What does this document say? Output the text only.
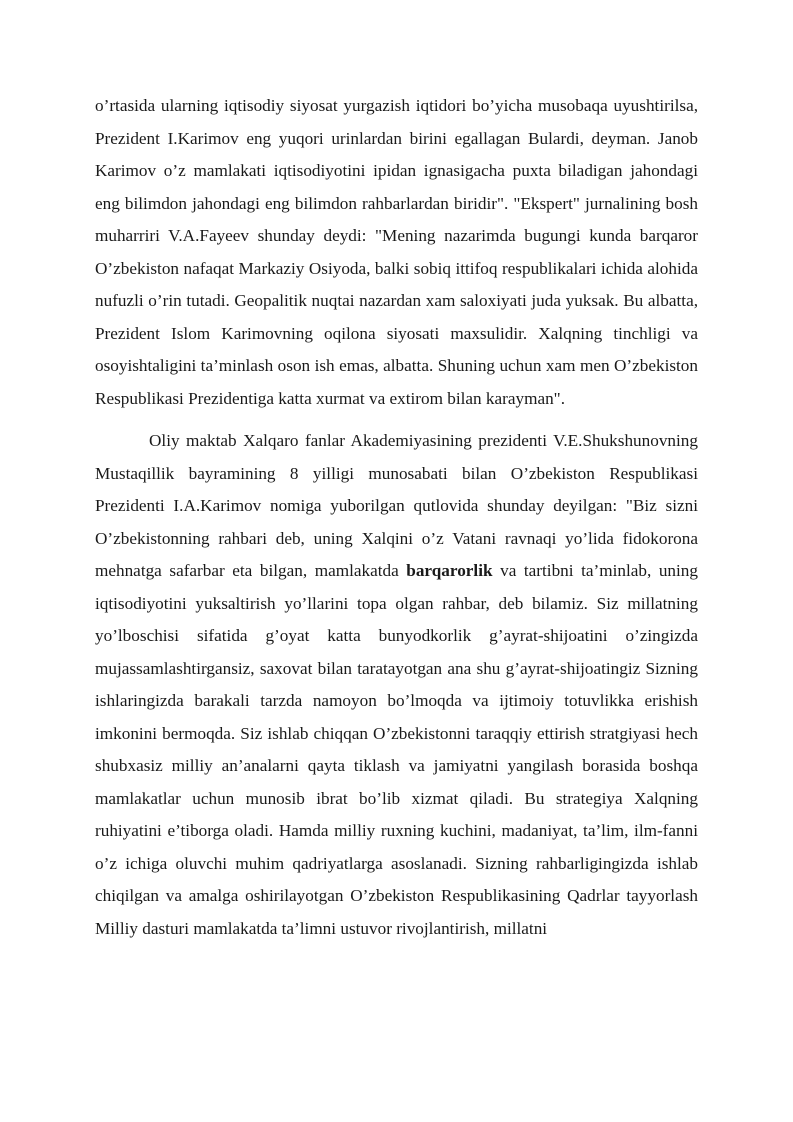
o’rtasida ularning iqtisodiy siyosat yurgazish iqtidori bo’yicha musobaqa uyushtirilsa, Prezident I.Karimov eng yuqori urinlardan birini egallagan Bulardi, deyman. Janob Karimov o’z mamlakati iqtisodiyotini ipidan ignasigacha puxta biladigan jahondagi eng bilimdon jahondagi eng bilimdon rahbarlardan biridir". "Ekspert" jurnalining bosh muharriri V.A.Fayeev shunday deydi: "Mening nazarimda bugungi kunda barqaror O’zbekiston nafaqat Markaziy Osiyoda, balki sobiq ittifoq respublikalari ichida alohida nufuzli o’rin tutadi. Geopalitik nuqtai nazardan xam saloxiyati juda yuksak. Bu albatta, Prezident Islom Karimovning oqilona siyosati maxsulidir. Xalqning tinchligi va osoyishtaligini ta’minlash oson ish emas, albatta. Shuning uchun xam men O’zbekiston Respublikasi Prezidentiga katta xurmat va extirom bilan karayman".

Oliy maktab Xalqaro fanlar Akademiyasining prezidenti V.E.Shukshunovning Mustaqillik bayramining 8 yilligi munosabati bilan O’zbekiston Respublikasi Prezidenti I.A.Karimov nomiga yuborilgan qutlovida shunday deyilgan: "Biz sizni O’zbekistonning rahbari deb, uning Xalqini o’z Vatani ravnaqi yo’lida fidokorona mehnatga safarbar eta bilgan, mamlakatda barqarorlik va tartibni ta’minlab, uning iqtisodiyotini yuksaltirish yo’llarini topa olgan rahbar, deb bilamiz. Siz millatning yo’lboschisi sifatida g’oyat katta bunyodkorlik g’ayrat-shijoatini o’zingizda mujassamlashtirgansiz, saxovat bilan taratayotgan ana shu g’ayrat-shijoatingiz Sizning ishlaringizda barakali tarzda namoyon bo’lmoqda va ijtimoiy totuvlikka erishish imkonini bermoqda. Siz ishlab chiqqan O’zbekistonni taraqqiy ettirish stratgiyasi hech shubxasiz milliy an’analarni qayta tiklash va jamiyatni yangilash borasida boshqa mamlakatlar uchun munosib ibrat bo’lib xizmat qiladi. Bu strategiya Xalqning ruhiyatini e’tiborga oladi. Hamda milliy ruxning kuchini, madaniyat, ta’lim, ilm-fanni o’z ichiga oluvchi muhim qadriyatlarga asoslanadi. Sizning rahbarligingizda ishlab chiqilgan va amalga oshirilayotgan O’zbekiston Respublikasining Qadrlar tayyorlash Milliy dasturi mamlakatda ta’limni ustuvor rivojlantirish, millatni
